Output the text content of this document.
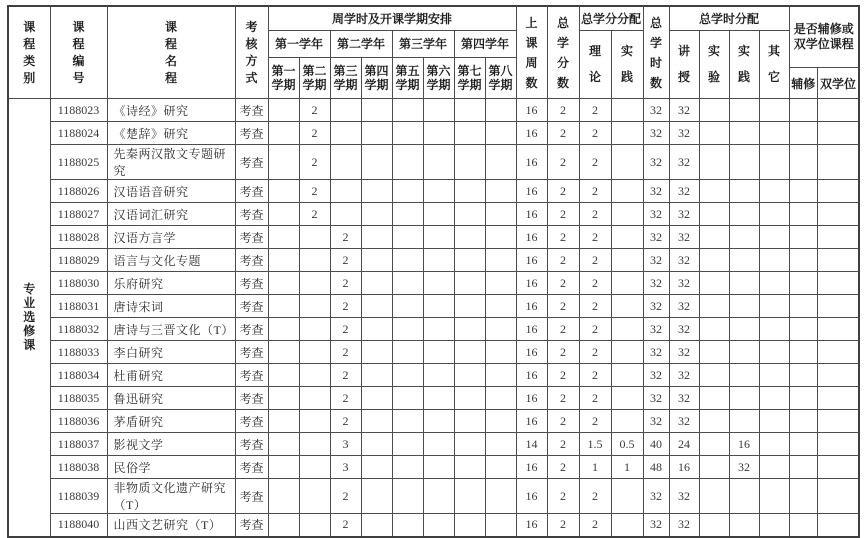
课程类别	课程编号	课程名程	考核方式	周学时及开课学期安排								上课周数	总学分数	总学分分配		总学时数	总学时分配				是否辅修或双学位课程
辅修 双学位	

				第一学年		第二学年		第三学年		第四学年				理论	实践		讲授	实验	实践	其它		

				第一学期	第二学期	第三学期	第四学期	第五学期	第六学期	第七学期	第八学期											

专业选修课	1188023	《诗经》研究	考查		2							16	2	2		32	32					
	1188024	《楚辞》研究	考查		2							16	2	2		32	32					
	1188025	先秦两汉散文专题研究	考查		2							16	2	2		32	32					
	1188026	汉语语音研究	考查		2							16	2	2		32	32					
	1188027	汉语词汇研究	考查		2							16	2	2		32	32					
	1188028	汉语方言学	考查			2						16	2	2		32	32					
	1188029	语言与文化专题	考查			2						16	2	2		32	32					
	1188030	乐府研究	考查			2						16	2	2		32	32					
	1188031	唐诗宋词	考查			2						16	2	2		32	32					
	1188032	唐诗与三晋文化（T）	考查			2						16	2	2		32	32					
	1188033	李白研究	考查			2						16	2	2		32	32					
	1188034	杜甫研究	考查			2						16	2	2		32	32					
	1188035	鲁迅研究	考查			2						16	2	2		32	32					
	1188036	茅盾研究	考查			2						16	2	2		32	32					
	1188037	影视文学	考查			3						14	2	1.5	0.5	40	24		16			
	1188038	民俗学	考查			3						16	2	1	1	48	16		32			
	1188039	非物质文化遗产研究（T）	考查			2						16	2	2		32	32					
	1188040	山西文艺研究（T）	考查			2						16	2	2		32	32					
